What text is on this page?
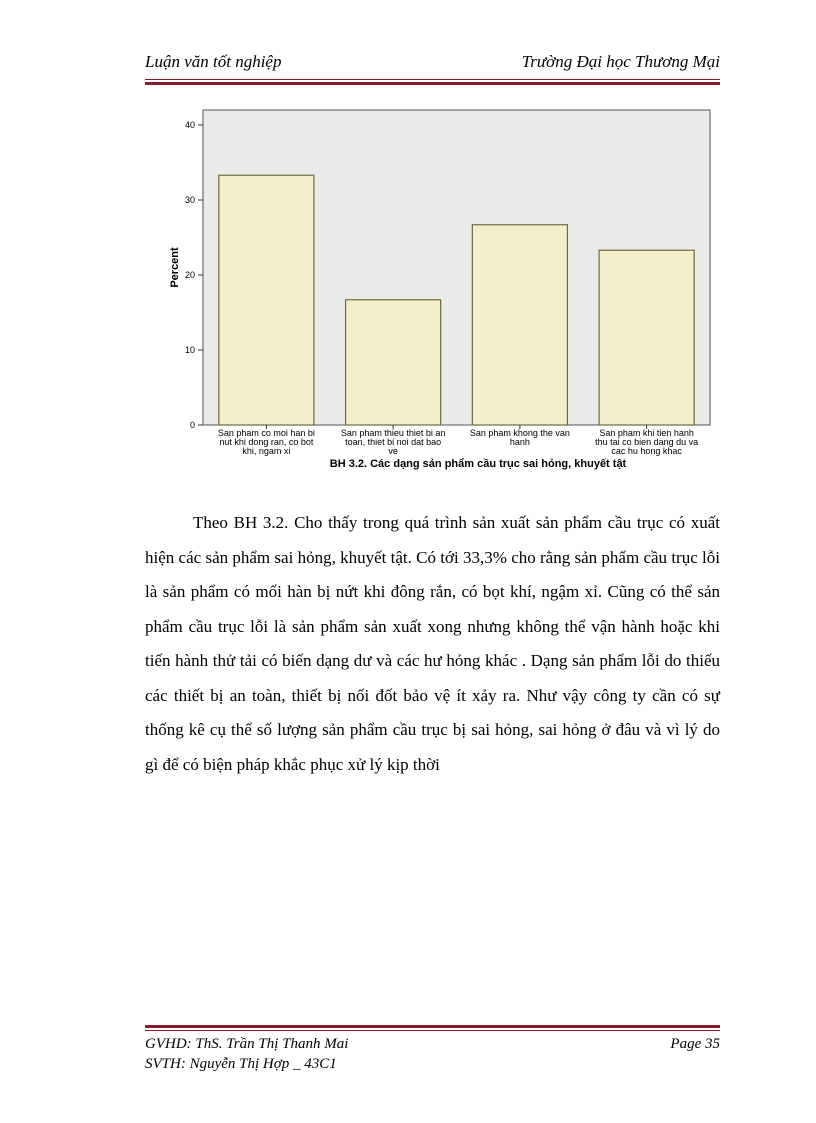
Luận văn tốt nghiệp	Trường Đại học Thương Mại
0
10
20
30
40
Percent
San pham co moi han bi
nut khi dong ran, co bot
khi, ngam xi
San pham thieu thiet bi an
toan, thiet bi noi dat bao
ve
San pham khong the van
hanh
San pham khi tien hanh
thu tai co bien dang du va
cac hu hong khac
BH 3.2. Các dạng sản phẩm cầu trục sai hỏng, khuyết tật

Theo BH 3.2. Cho thấy trong quá trình sản xuất sản phẩm cầu trục có xuất hiện các sản phẩm sai hỏng, khuyết tật. Có tới 33,3% cho rằng sản phẩm cầu trục lỗi là sản phẩm có mối hàn bị nứt khi đông rắn, có bọt khí, ngậm xỉ. Cũng có thể sản phẩm cầu trục lỗi là sản phẩm sản xuất xong nhưng không thể vận hành hoặc khi tiến hành thử tải có biến dạng dư và các hư hỏng khác . Dạng sản phẩm lỗi do thiếu các thiết bị an toàn, thiết bị nối đốt bảo vệ ít xảy ra. Như vậy công ty cần có sự thống kê cụ thể số lượng sản phẩm cầu trục bị sai hỏng, sai hỏng ở đâu và vì lý do gì để có biện pháp khắc phục xử lý kịp thời

GVHD: ThS. Trần Thị Thanh Mai	Page 35
SVTH: Nguyễn Thị Hợp _ 43C1
